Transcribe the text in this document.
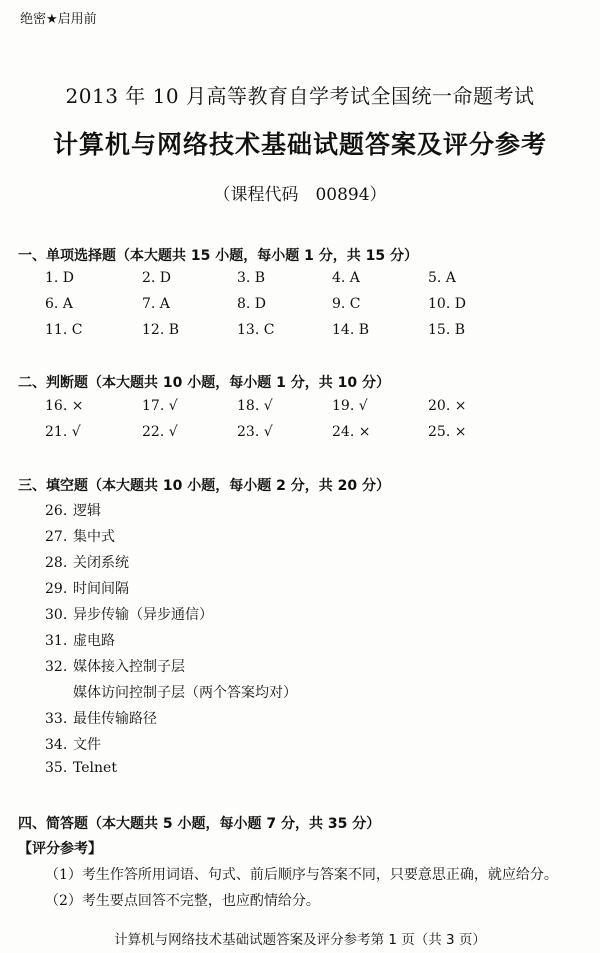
绝密★启用前
2013 年 10 月高等教育自学考试全国统一命题考试
计算机与网络技术基础试题答案及评分参考
（课程代码　00894）
一、单项选择题（本大题共 15 小题，每小题 1 分，共 15 分）
1. D	2. D	3. B	4. A	5. A
6. A	7. A	8. D	9. C	10. D
11. C	12. B	13. C	14. B	15. B
二、判断题（本大题共 10 小题，每小题 1 分，共 10 分）
16. ×	17. √	18. √	19. √	20. ×
21. √	22. √	23. √	24. ×	25. ×
三、填空题（本大题共 10 小题，每小题 2 分，共 20 分）
26. 逻辑
27. 集中式
28. 关闭系统
29. 时间间隔
30. 异步传输（异步通信）
31. 虚电路
32. 媒体接入控制子层
媒体访问控制子层（两个答案均对）
33. 最佳传输路径
34. 文件
35. Telnet
四、简答题（本大题共 5 小题，每小题 7 分，共 35 分）
【评分参考】
（1）考生作答所用词语、句式、前后顺序与答案不同，只要意思正确，就应给分。
（2）考生要点回答不完整，也应酌情给分。
计算机与网络技术基础试题答案及评分参考第 1 页（共 3 页）
